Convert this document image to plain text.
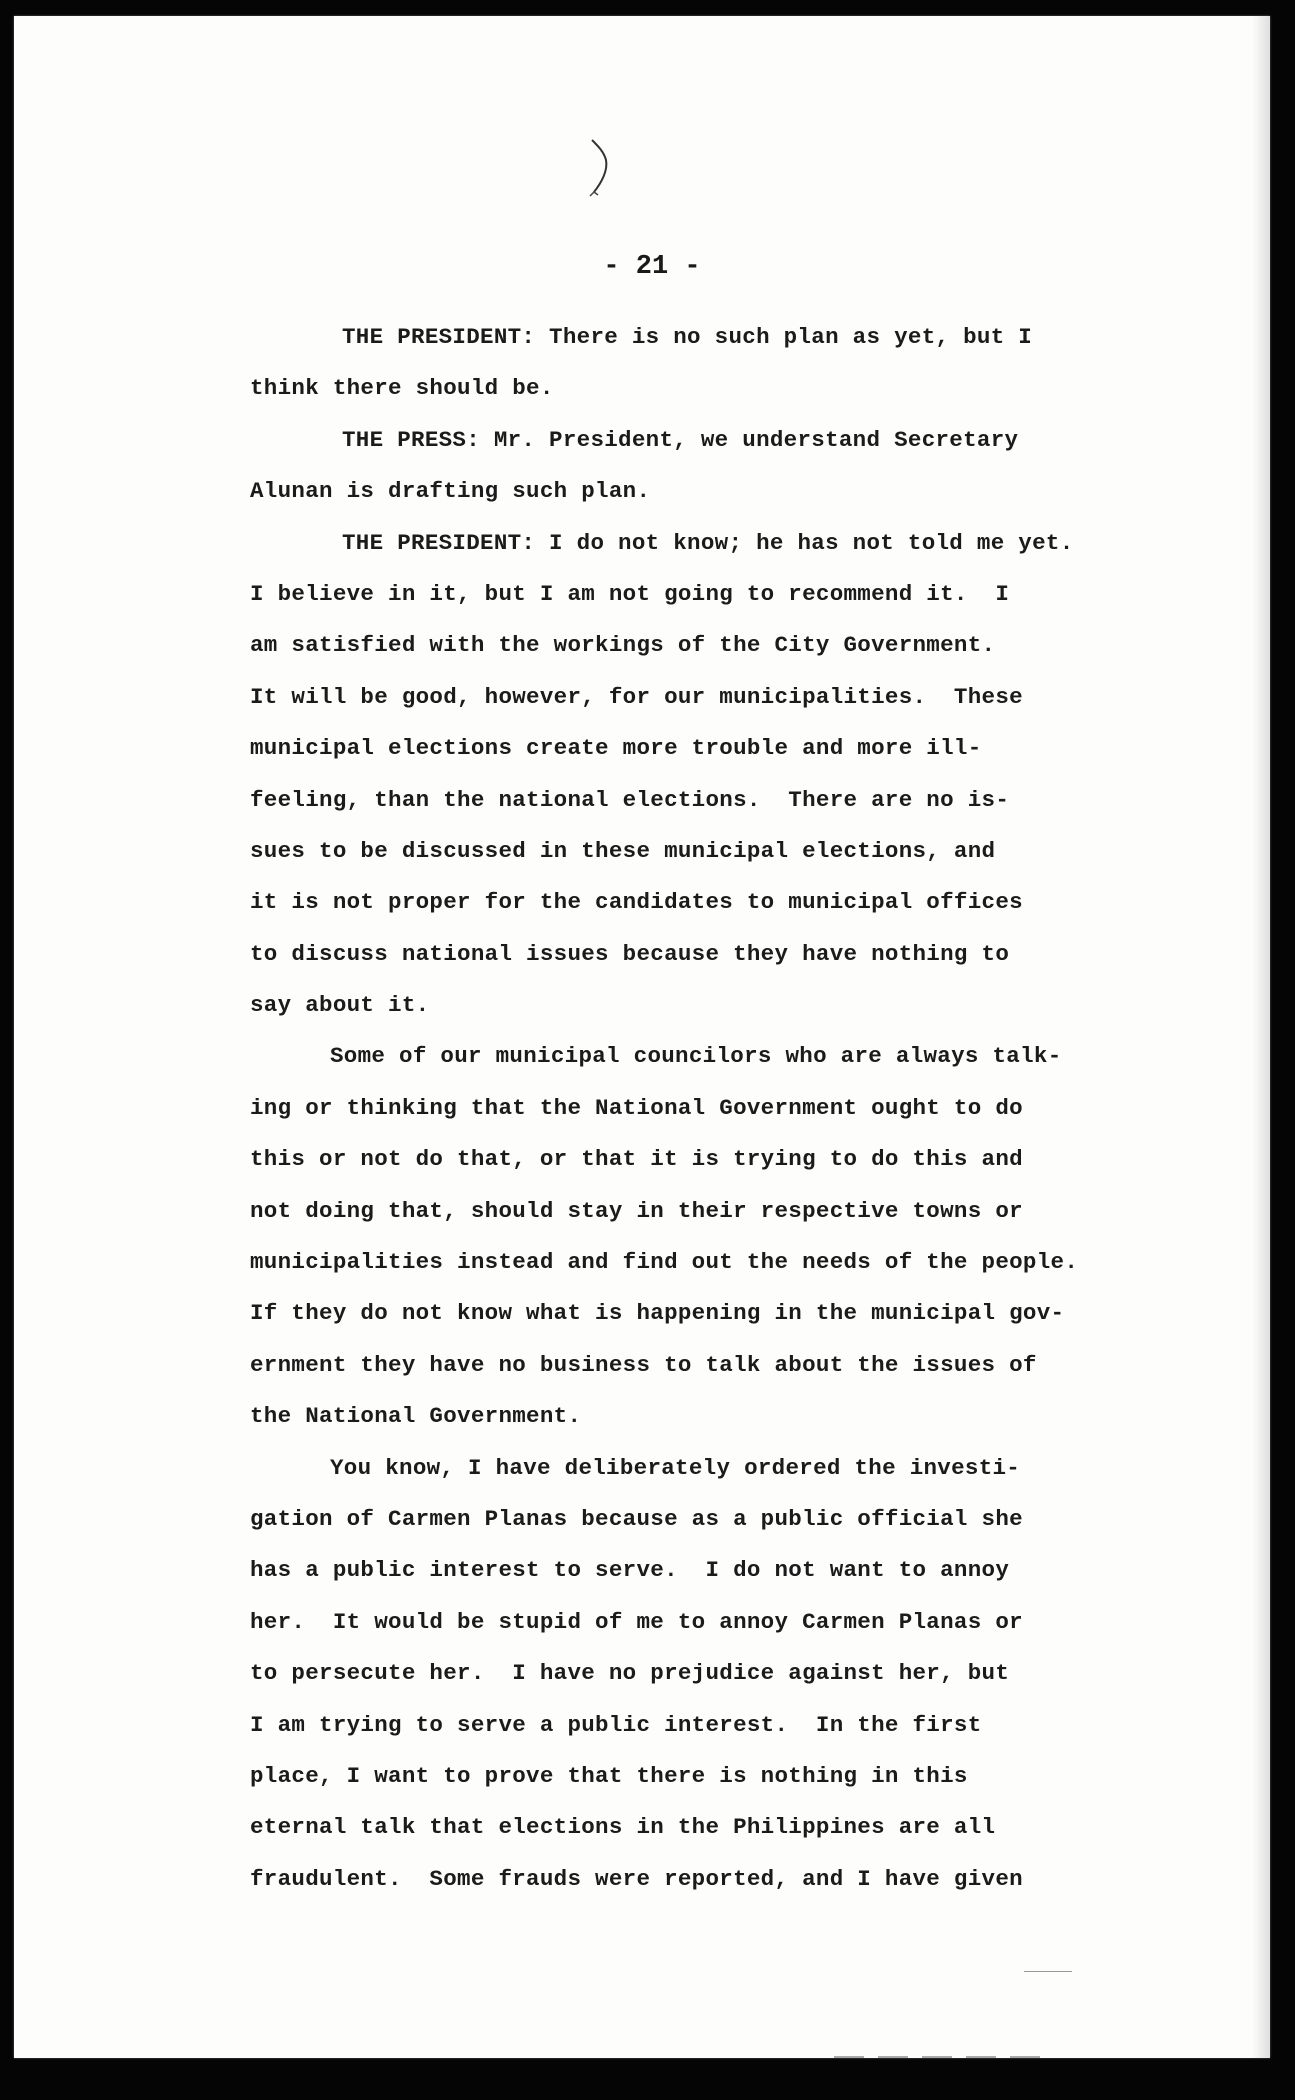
- 21 -
THE PRESIDENT: There is no such plan as yet, but I
think there should be.
THE PRESS: Mr. President, we understand Secretary
Alunan is drafting such plan.
THE PRESIDENT: I do not know; he has not told me yet.
I believe in it, but I am not going to recommend it.  I
am satisfied with the workings of the City Government.
It will be good, however, for our municipalities.  These
municipal elections create more trouble and more ill-
feeling, than the national elections.  There are no is-
sues to be discussed in these municipal elections, and
it is not proper for the candidates to municipal offices
to discuss national issues because they have nothing to
say about it.
Some of our municipal councilors who are always talk-
ing or thinking that the National Government ought to do
this or not do that, or that it is trying to do this and
not doing that, should stay in their respective towns or
municipalities instead and find out the needs of the people.
If they do not know what is happening in the municipal gov-
ernment they have no business to talk about the issues of
the National Government.
You know, I have deliberately ordered the investi-
gation of Carmen Planas because as a public official she
has a public interest to serve.  I do not want to annoy
her.  It would be stupid of me to annoy Carmen Planas or
to persecute her.  I have no prejudice against her, but
I am trying to serve a public interest.  In the first
place, I want to prove that there is nothing in this
eternal talk that elections in the Philippines are all
fraudulent.  Some frauds were reported, and I have given
